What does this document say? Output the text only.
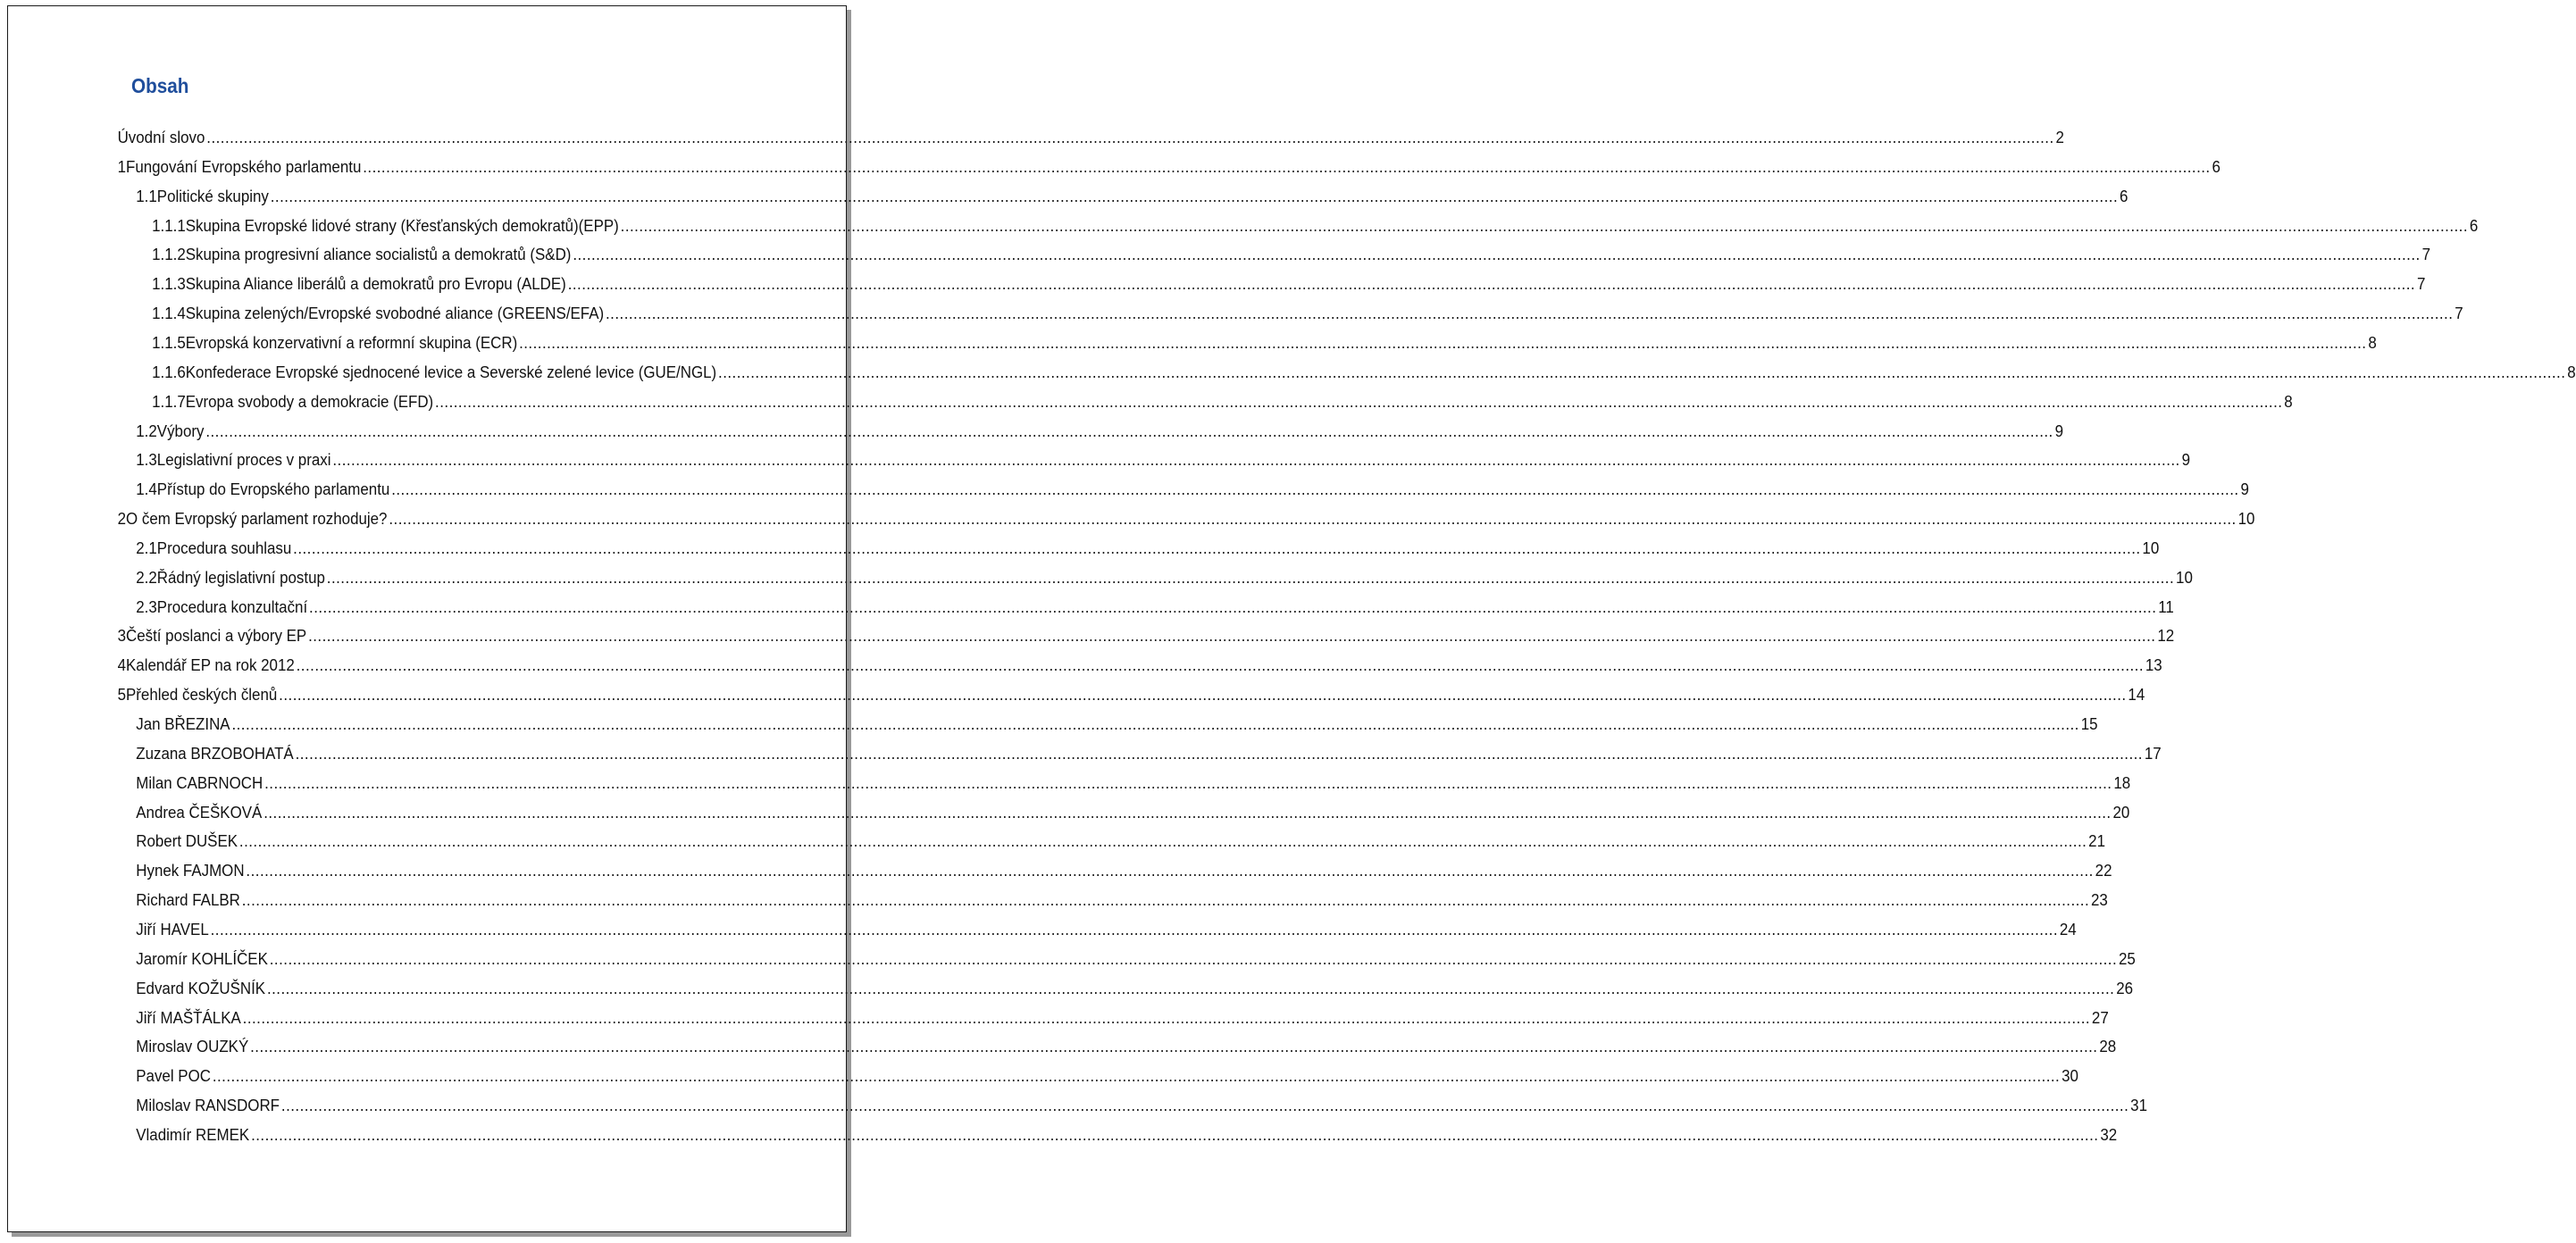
Obsah
Úvodní slovo ................................................................................................................................................................................................................................................................................................................................................................................................................ 2
1 Fungování Evropského parlamentu ................................................................................................................................................................................................................................................................................................................................................................................................................ 6
1.1 Politické skupiny ................................................................................................................................................................................................................................................................................................................................................................................................................ 6
1.1.1 Skupina Evropské lidové strany (Křesťanských demokratů)(EPP) ................................................................................................................................................................................................................................................................................................................................................................................................................ 6
1.1.2 Skupina progresivní aliance socialistů a demokratů (S&D) ................................................................................................................................................................................................................................................................................................................................................................................................................ 7
1.1.3 Skupina Aliance liberálů a demokratů pro Evropu (ALDE) ................................................................................................................................................................................................................................................................................................................................................................................................................ 7
1.1.4 Skupina zelených/Evropské svobodné aliance (GREENS/EFA) ................................................................................................................................................................................................................................................................................................................................................................................................................ 7
1.1.5 Evropská konzervativní a reformní skupina (ECR) ................................................................................................................................................................................................................................................................................................................................................................................................................ 8
1.1.6 Konfederace Evropské sjednocené levice a Severské zelené levice (GUE/NGL) ................................................................................................................................................................................................................................................................................................................................................................................................................ 8
1.1.7 Evropa svobody a demokracie (EFD) ................................................................................................................................................................................................................................................................................................................................................................................................................ 8
1.2 Výbory ................................................................................................................................................................................................................................................................................................................................................................................................................ 9
1.3 Legislativní proces v praxi ................................................................................................................................................................................................................................................................................................................................................................................................................ 9
1.4 Přístup do Evropského parlamentu ................................................................................................................................................................................................................................................................................................................................................................................................................ 9
2 O čem Evropský parlament rozhoduje? ................................................................................................................................................................................................................................................................................................................................................................................................................ 10
2.1 Procedura souhlasu ................................................................................................................................................................................................................................................................................................................................................................................................................ 10
2.2 Řádný legislativní postup ................................................................................................................................................................................................................................................................................................................................................................................................................ 10
2.3 Procedura konzultační ................................................................................................................................................................................................................................................................................................................................................................................................................ 11
3 Čeští poslanci a výbory EP ................................................................................................................................................................................................................................................................................................................................................................................................................ 12
4 Kalendář EP na rok 2012 ................................................................................................................................................................................................................................................................................................................................................................................................................ 13
5 Přehled českých členů ................................................................................................................................................................................................................................................................................................................................................................................................................ 14
Jan BŘEZINA ................................................................................................................................................................................................................................................................................................................................................................................................................ 15
Zuzana BRZOBOHATÁ ................................................................................................................................................................................................................................................................................................................................................................................................................ 17
Milan CABRNOCH ................................................................................................................................................................................................................................................................................................................................................................................................................ 18
Andrea ČEŠKOVÁ ................................................................................................................................................................................................................................................................................................................................................................................................................ 20
Robert DUŠEK ................................................................................................................................................................................................................................................................................................................................................................................................................ 21
Hynek FAJMON ................................................................................................................................................................................................................................................................................................................................................................................................................ 22
Richard FALBR ................................................................................................................................................................................................................................................................................................................................................................................................................ 23
Jiří HAVEL ................................................................................................................................................................................................................................................................................................................................................................................................................ 24
Jaromír KOHLÍČEK ................................................................................................................................................................................................................................................................................................................................................................................................................ 25
Edvard KOŽUŠNÍK ................................................................................................................................................................................................................................................................................................................................................................................................................ 26
Jiří MAŠŤÁLKA ................................................................................................................................................................................................................................................................................................................................................................................................................ 27
Miroslav OUZKÝ ................................................................................................................................................................................................................................................................................................................................................................................................................ 28
Pavel POC ................................................................................................................................................................................................................................................................................................................................................................................................................ 30
Miloslav RANSDORF ................................................................................................................................................................................................................................................................................................................................................................................................................ 31
Vladimír REMEK ................................................................................................................................................................................................................................................................................................................................................................................................................ 32
